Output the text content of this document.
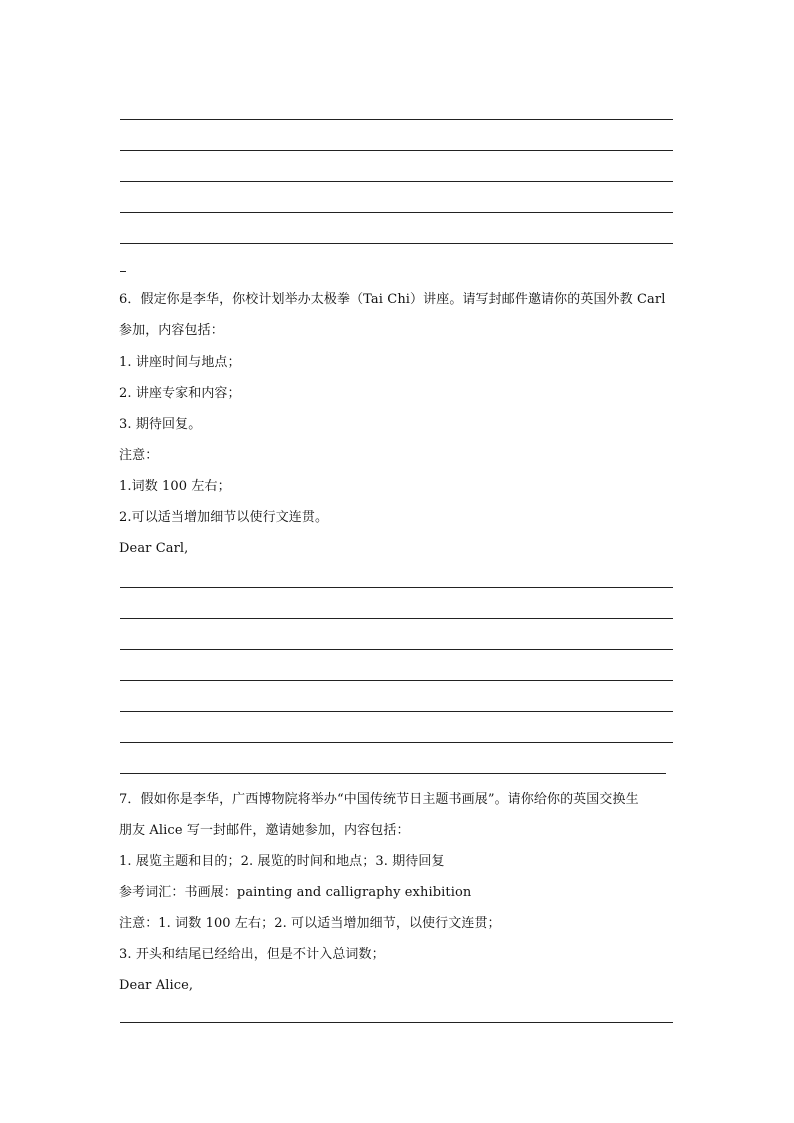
6．假定你是李华，你校计划举办太极拳（Tai Chi）讲座。请写封邮件邀请你的英国外教 Carl
参加，内容包括：
1. 讲座时间与地点；
2. 讲座专家和内容；
3. 期待回复。
注意：
1.词数 100 左右；
2.可以适当增加细节以使行文连贯。
Dear Carl,
7．假如你是李华，广西博物院将举办“中国传统节日主题书画展”。请你给你的英国交换生
朋友 Alice 写一封邮件，邀请她参加，内容包括：
1. 展览主题和目的；2. 展览的时间和地点；3. 期待回复
参考词汇：书画展：painting and calligraphy exhibition
注意：1. 词数 100 左右；2. 可以适当增加细节，以使行文连贯；
3. 开头和结尾已经给出，但是不计入总词数；
Dear Alice,
